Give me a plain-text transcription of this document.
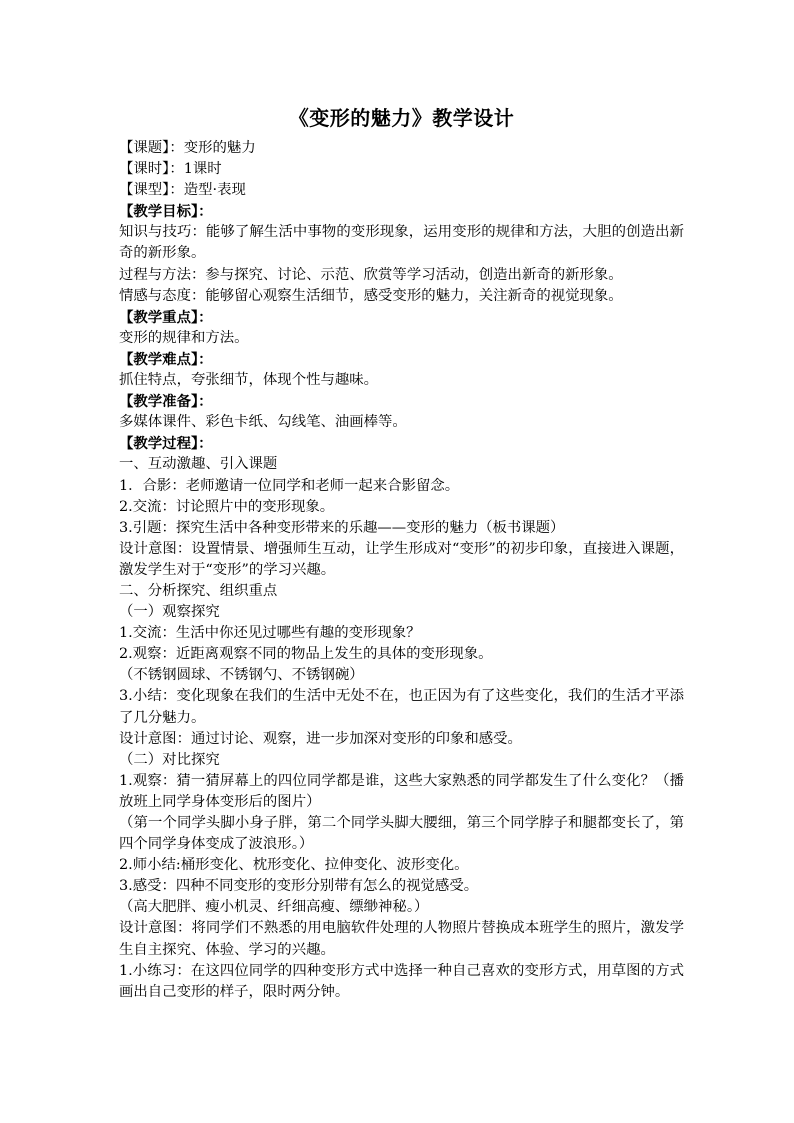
《变形的魅力》教学设计

【课题】：变形的魅力

【课时】：1课时

【课型】：造型·表现

【教学目标】：

知识与技巧：能够了解生活中事物的变形现象，运用变形的规律和方法，大胆的创造出新奇的新形象。

过程与方法：参与探究、讨论、示范、欣赏等学习活动，创造出新奇的新形象。

情感与态度：能够留心观察生活细节，感受变形的魅力，关注新奇的视觉现象。

【教学重点】：

变形的规律和方法。

【教学难点】：

抓住特点，夸张细节，体现个性与趣味。

【教学准备】：

多媒体课件、彩色卡纸、勾线笔、油画棒等。

【教学过程】：

一、互动激趣、引入课题

1．合影：老师邀请一位同学和老师一起来合影留念。

2.交流：讨论照片中的变形现象。

3.引题：探究生活中各种变形带来的乐趣——变形的魅力（板书课题）

设计意图：设置情景、增强师生互动，让学生形成对“变形”的初步印象，直接进入课题，激发学生对于“变形”的学习兴趣。

二、分析探究、组织重点

（一）观察探究

1.交流：生活中你还见过哪些有趣的变形现象？

2.观察：近距离观察不同的物品上发生的具体的变形现象。

（不锈钢圆球、不锈钢勺、不锈钢碗）

3.小结：变化现象在我们的生活中无处不在，也正因为有了这些变化，我们的生活才平添了几分魅力。

设计意图：通过讨论、观察，进一步加深对变形的印象和感受。

（二）对比探究

1.观察：猜一猜屏幕上的四位同学都是谁，这些大家熟悉的同学都发生了什么变化？（播放班上同学身体变形后的图片）

（第一个同学头脚小身子胖，第二个同学头脚大腰细，第三个同学脖子和腿都变长了，第四个同学身体变成了波浪形。）

2.师小结:桶形变化、枕形变化、拉伸变化、波形变化。

3.感受：四种不同变形的变形分别带有怎么的视觉感受。

（高大肥胖、瘦小机灵、纤细高瘦、缥缈神秘。）

设计意图：将同学们不熟悉的用电脑软件处理的人物照片替换成本班学生的照片，激发学生自主探究、体验、学习的兴趣。

1.小练习：在这四位同学的四种变形方式中选择一种自己喜欢的变形方式，用草图的方式画出自己变形的样子，限时两分钟。
